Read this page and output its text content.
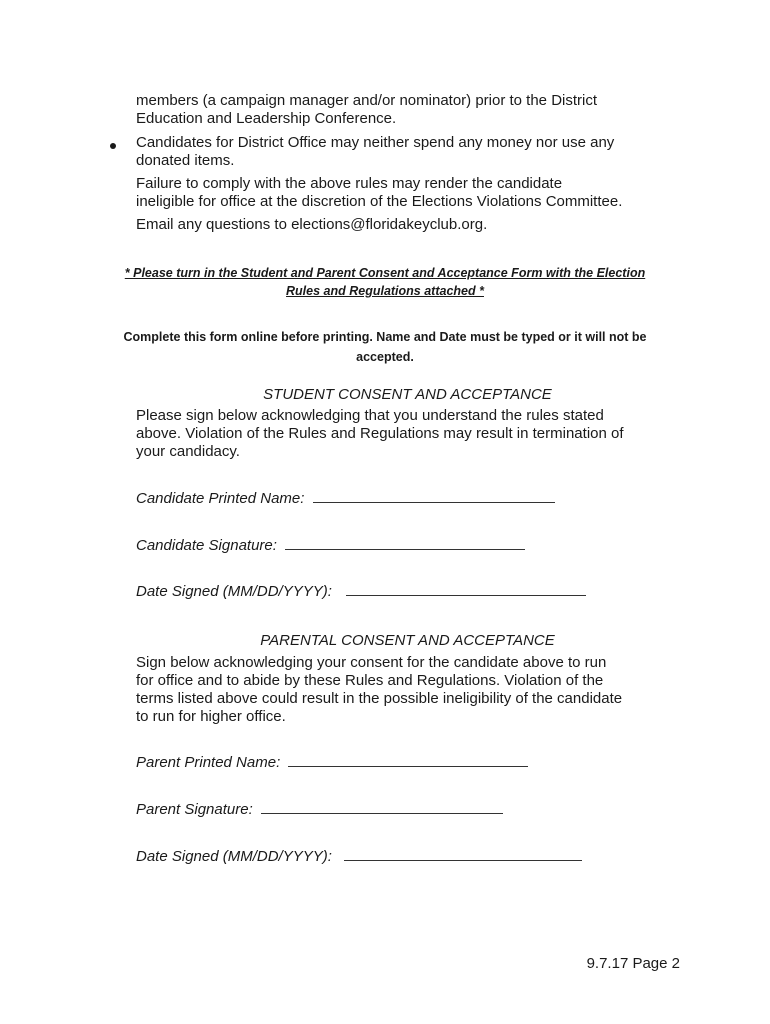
members (a campaign manager and/or nominator) prior to the District
Education and Leadership Conference.
Candidates for District Office may neither spend any money nor use any
donated items.
Failure to comply with the above rules may render the candidate
ineligible for office at the discretion of the Elections Violations Committee.
Email any questions to elections@floridakeyclub.org.
* Please turn in the Student and Parent Consent and Acceptance Form with the Election
Rules and Regulations attached *
Complete this form online before printing. Name and Date must be typed or it will not be
accepted.
STUDENT CONSENT AND ACCEPTANCE
Please sign below acknowledging that you understand the rules stated
above. Violation of the Rules and Regulations may result in termination of
your candidacy.
Candidate Printed Name:
Candidate Signature:
Date Signed (MM/DD/YYYY):
PARENTAL CONSENT AND ACCEPTANCE
Sign below acknowledging your consent for the candidate above to run
for office and to abide by these Rules and Regulations. Violation of the
terms listed above could result in the possible ineligibility of the candidate
to run for higher office.
Parent Printed Name:
Parent Signature:
Date Signed (MM/DD/YYYY):
9.7.17 Page 2
